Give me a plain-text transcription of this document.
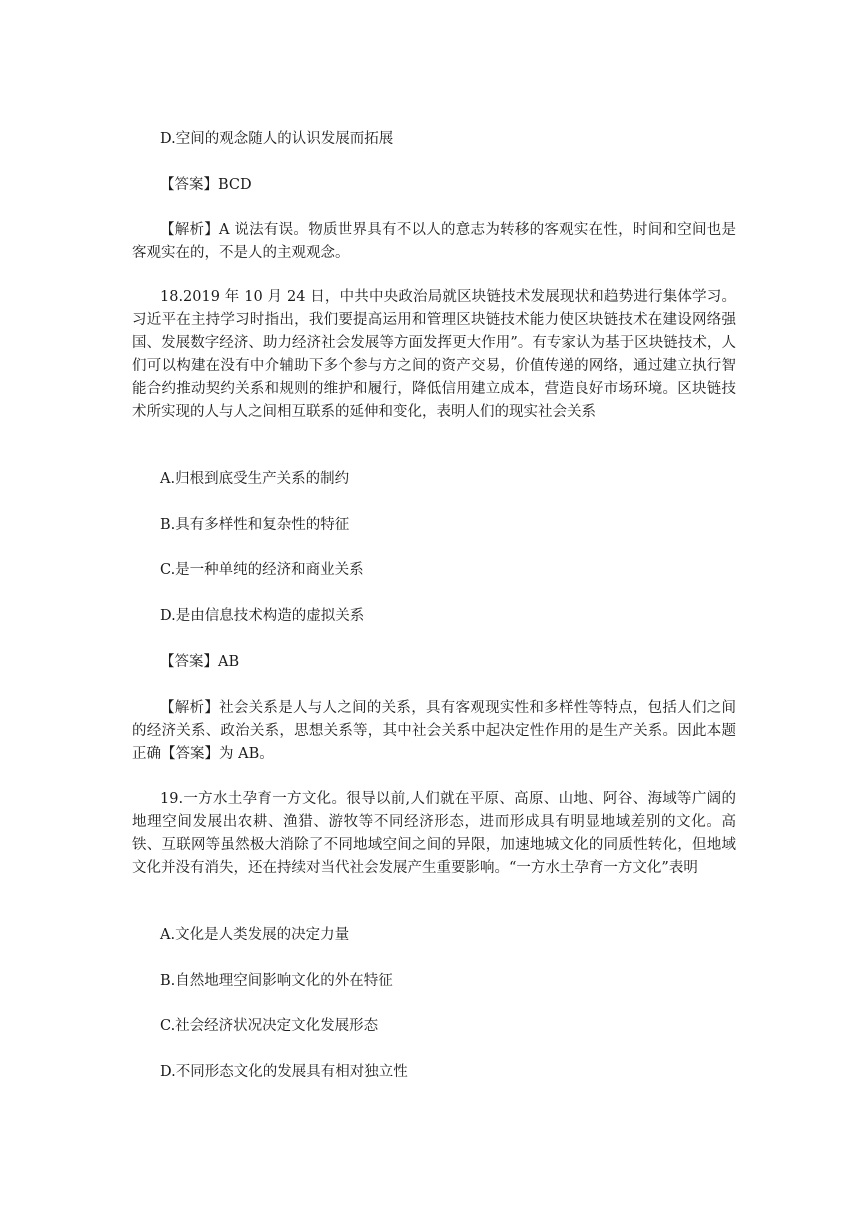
D.空间的观念随人的认识发展而拓展

【答案】BCD

【解析】A 说法有误。物质世界具有不以人的意志为转移的客观实在性，时间和空间也是客观实在的，不是人的主观观念。

18.2019 年 10 月 24 日，中共中央政治局就区块链技术发展现状和趋势进行集体学习。习近平在主持学习时指出，我们要提高运用和管理区块链技术能力使区块链技术在建设网络强国、发展数字经济、助力经济社会发展等方面发挥更大作用”。有专家认为基于区块链技术，人们可以构建在没有中介辅助下多个参与方之间的资产交易，价值传递的网络，通过建立执行智能合约推动契约关系和规则的维护和履行，降低信用建立成本，营造良好市场环境。区块链技术所实现的人与人之间相互联系的延伸和变化，表明人们的现实社会关系

A.归根到底受生产关系的制约

B.具有多样性和复杂性的特征

C.是一种单纯的经济和商业关系

D.是由信息技术构造的虚拟关系

【答案】AB

【解析】社会关系是人与人之间的关系，具有客观现实性和多样性等特点，包括人们之间的经济关系、政治关系，思想关系等，其中社会关系中起决定性作用的是生产关系。因此本题正确【答案】为 AB。

19.一方水土孕育一方文化。很导以前,人们就在平原、高原、山地、阿谷、海域等广阔的地理空间发展出农耕、渔猎、游牧等不同经济形态，进而形成具有明显地域差别的文化。高铁、互联网等虽然极大消除了不同地域空间之间的异限，加速地城文化的同质性转化，但地域文化并没有消失，还在持续对当代社会发展产生重要影响。“一方水土孕育一方文化”表明

A.文化是人类发展的决定力量

B.自然地理空间影响文化的外在特征

C.社会经济状况决定文化发展形态

D.不同形态文化的发展具有相对独立性
